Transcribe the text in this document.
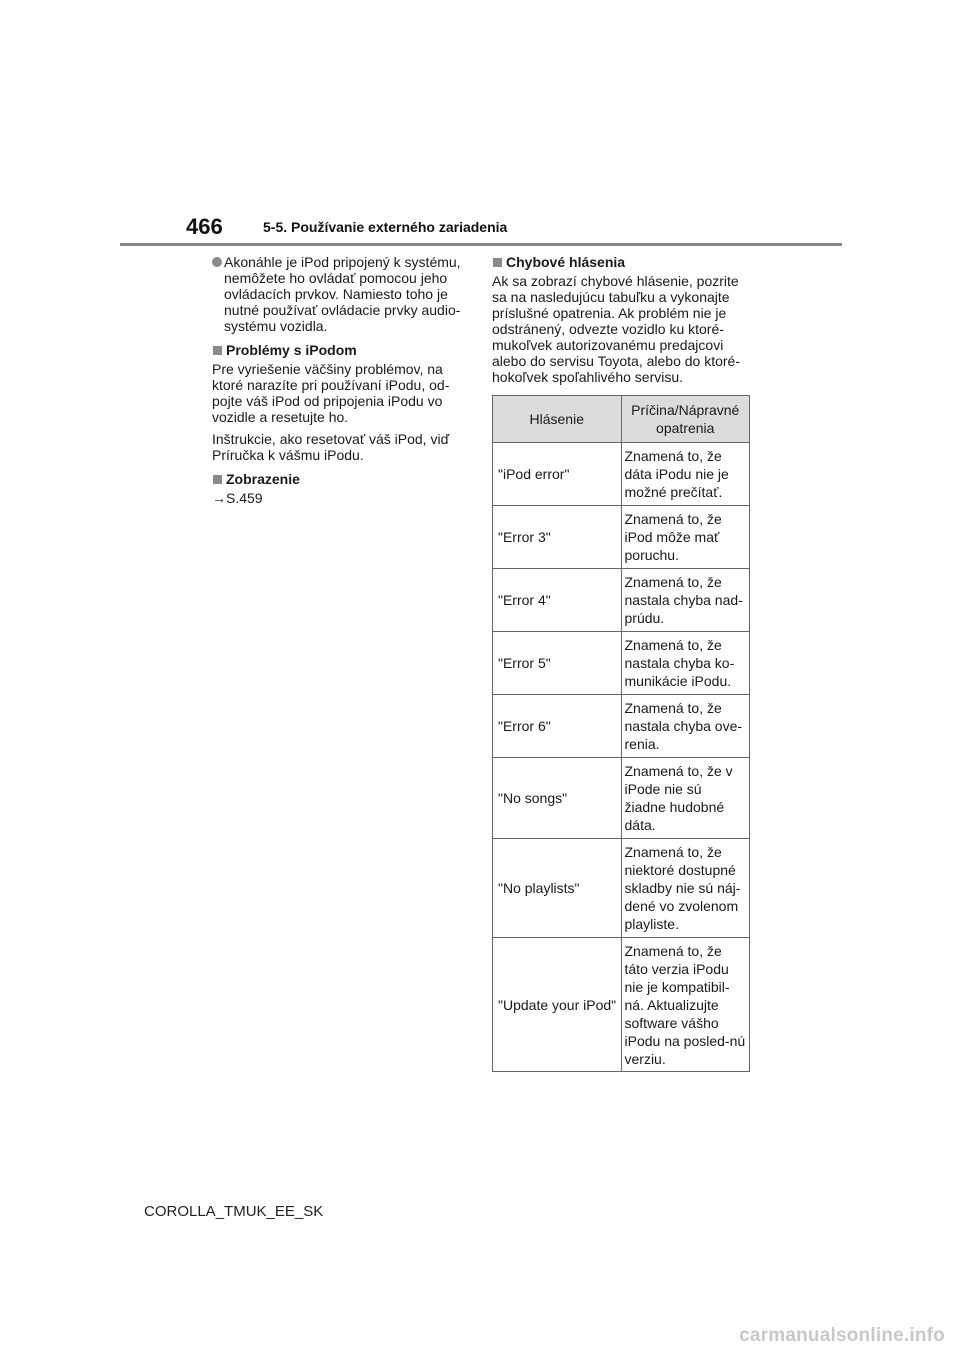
466	5-5. Používanie externého zariadenia

Akonáhle je iPod pripojený k systému, nemôžete ho ovládať pomocou jeho ovládacích prvkov. Namiesto toho je nutné používať ovládacie prvky audio-systému vozidla.

Problémy s iPodom

Pre vyriešenie väčšiny problémov, na ktoré narazíte pri používaní iPodu, od-pojte váš iPod od pripojenia iPodu vo vozidle a resetujte ho.

Inštrukcie, ako resetovať váš iPod, viď Príručka k vášmu iPodu.

Zobrazenie

→S.459

Chybové hlásenia

Ak sa zobrazí chybové hlásenie, pozrite sa na nasledujúcu tabuľku a vykonajte príslušné opatrenia. Ak problém nie je odstránený, odvezte vozidlo ku ktoré-mukoľvek autorizovanému predajcovi alebo do servisu Toyota, alebo do ktoré-hokoľvek spoľahlivého servisu.

Hlásenie	Príčina/Nápravné opatrenia
"iPod error"	Znamená to, že dáta iPodu nie je možné prečítať.
"Error 3"	Znamená to, že iPod môže mať poruchu.
"Error 4"	Znamená to, že nastala chyba nad-prúdu.
"Error 5"	Znamená to, že nastala chyba ko-munikácie iPodu.
"Error 6"	Znamená to, že nastala chyba ove-renia.
"No songs"	Znamená to, že v iPode nie sú žiadne hudobné dáta.
"No playlists"	Znamená to, že niektoré dostupné skladby nie sú náj-dené vo zvolenom playliste.
"Update your iPod"	Znamená to, že táto verzia iPodu nie je kompatibil-ná. Aktualizujte software vášho iPodu na posled-nú verziu.
COROLLA_TMUK_EE_SK
carmanualsonline.info
